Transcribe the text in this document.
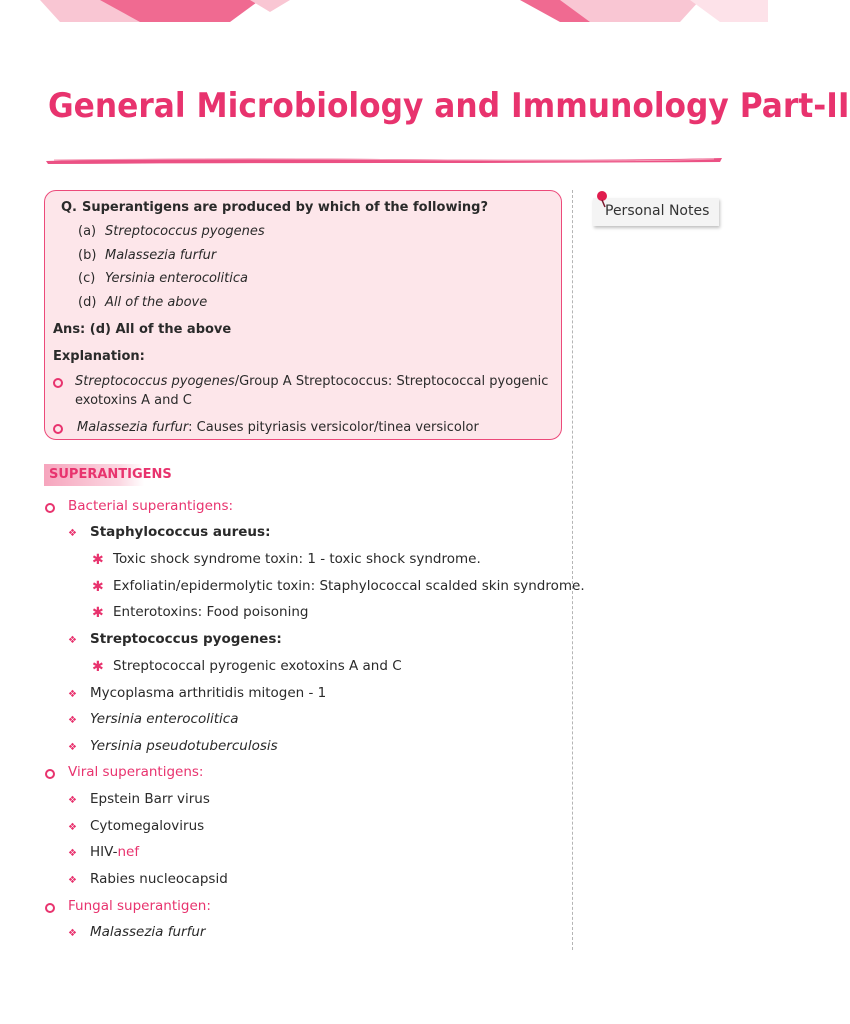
General Microbiology and Immunology Part-II
Q. Superantigens are produced by which of the following?
(a) Streptococcus pyogenes
(b) Malassezia furfur
(c) Yersinia enterocolitica
(d) All of the above
Ans: (d) All of the above
Explanation:
Streptococcus pyogenes/Group A Streptococcus: Streptococcal pyogenic
exotoxins A and C
Malassezia furfur: Causes pityriasis versicolor/tinea versicolor
Personal Notes
SUPERANTIGENS
Bacterial superantigens:
❖ Staphylococcus aureus:
✱ Toxic shock syndrome toxin: 1 - toxic shock syndrome.
✱ Exfoliatin/epidermolytic toxin: Staphylococcal scalded skin syndrome.
✱ Enterotoxins: Food poisoning
❖ Streptococcus pyogenes:
✱ Streptococcal pyrogenic exotoxins A and C
❖ Mycoplasma arthritidis mitogen - 1
❖ Yersinia enterocolitica
❖ Yersinia pseudotuberculosis
Viral superantigens:
❖ Epstein Barr virus
❖ Cytomegalovirus
❖ HIV-nef
❖ Rabies nucleocapsid
Fungal superantigen:
❖ Malassezia furfur
